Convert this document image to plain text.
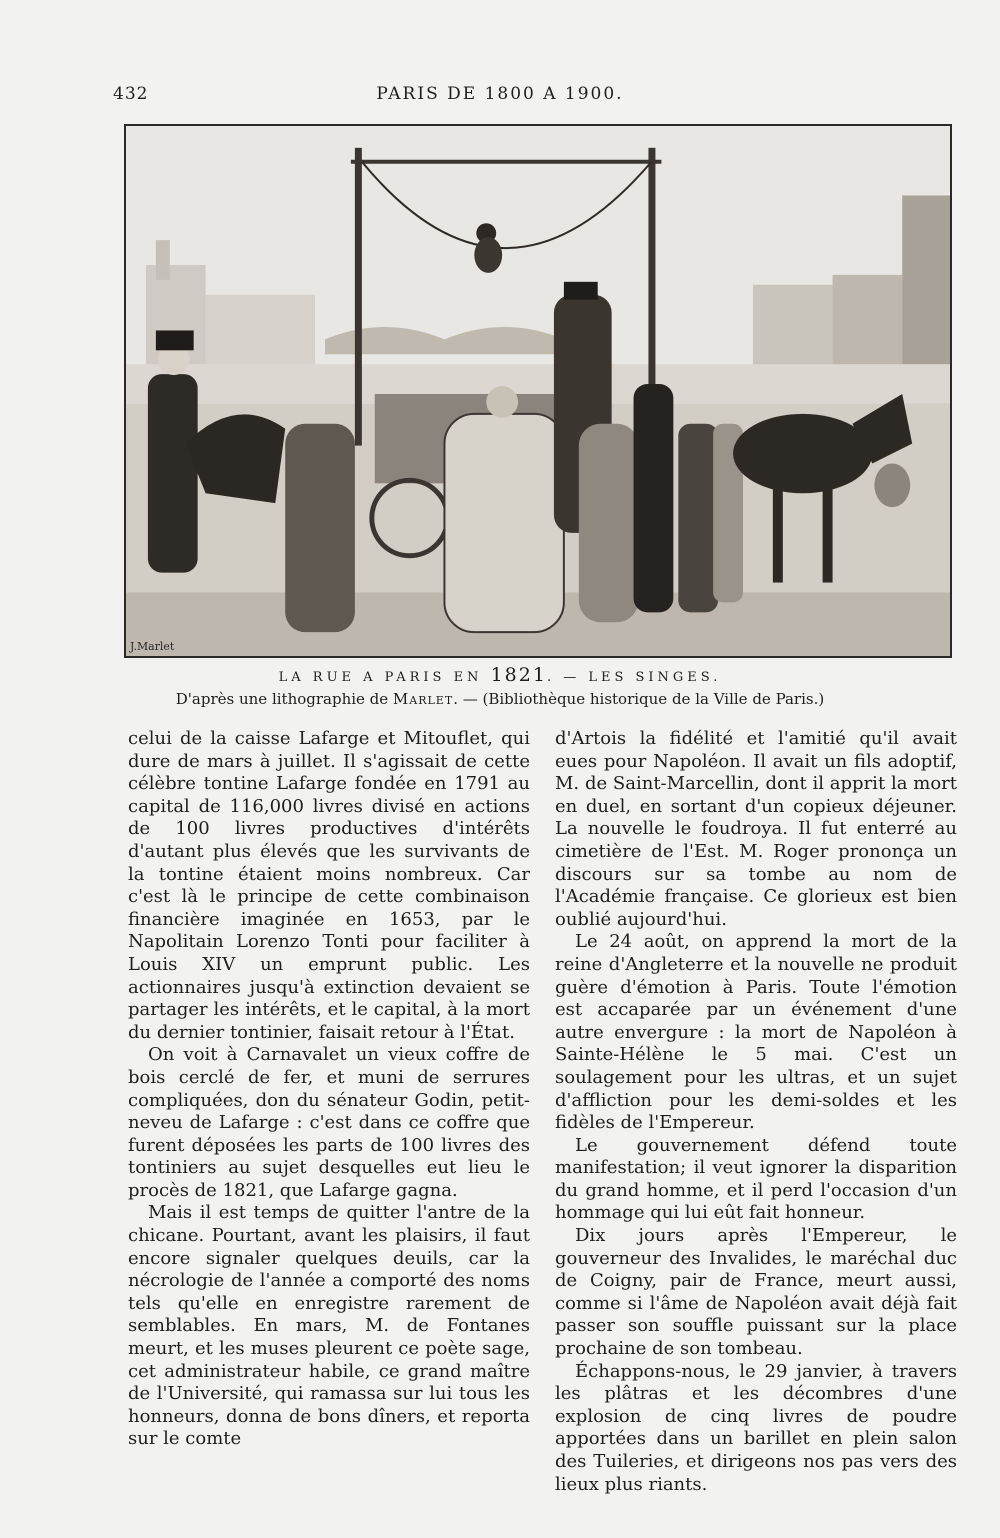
432	PARIS DE 1800 A 1900.
J.Marlet
LA RUE A PARIS EN 1821. — LES SINGES.
D'après une lithographie de Marlet. — (Bibliothèque historique de la Ville de Paris.)

celui de la caisse Lafarge et Mitouflet, qui dure de mars à juillet. Il s'agissait de cette célèbre tontine Lafarge fondée en 1791 au capital de 116,000 livres divisé en actions de 100 livres productives d'intérêts d'autant plus élevés que les survivants de la tontine étaient moins nombreux. Car c'est là le principe de cette combinaison financière imaginée en 1653, par le Napolitain Lorenzo Tonti pour faciliter à Louis XIV un emprunt public. Les actionnaires jusqu'à extinction devaient se partager les intérêts, et le capital, à la mort du dernier tontinier, faisait retour à l'État.

On voit à Carnavalet un vieux coffre de bois cerclé de fer, et muni de serrures compliquées, don du sénateur Godin, petit-neveu de Lafarge : c'est dans ce coffre que furent déposées les parts de 100 livres des tontiniers au sujet desquelles eut lieu le procès de 1821, que Lafarge gagna.

Mais il est temps de quitter l'antre de la chicane. Pourtant, avant les plaisirs, il faut encore signaler quelques deuils, car la nécrologie de l'année a comporté des noms tels qu'elle en enregistre rarement de semblables. En mars, M. de Fontanes meurt, et les muses pleurent ce poète sage, cet administrateur habile, ce grand maître de l'Université, qui ramassa sur lui tous les honneurs, donna de bons dîners, et reporta sur le comte

d'Artois la fidélité et l'amitié qu'il avait eues pour Napoléon. Il avait un fils adoptif, M. de Saint-Marcellin, dont il apprit la mort en duel, en sortant d'un copieux déjeuner. La nouvelle le foudroya. Il fut enterré au cimetière de l'Est. M. Roger prononça un discours sur sa tombe au nom de l'Académie française. Ce glorieux est bien oublié aujourd'hui.

Le 24 août, on apprend la mort de la reine d'Angleterre et la nouvelle ne produit guère d'émotion à Paris. Toute l'émotion est accaparée par un événement d'une autre envergure : la mort de Napoléon à Sainte-Hélène le 5 mai. C'est un soulagement pour les ultras, et un sujet d'affliction pour les demi-soldes et les fidèles de l'Empereur.

Le gouvernement défend toute manifestation; il veut ignorer la disparition du grand homme, et il perd l'occasion d'un hommage qui lui eût fait honneur.

Dix jours après l'Empereur, le gouverneur des Invalides, le maréchal duc de Coigny, pair de France, meurt aussi, comme si l'âme de Napoléon avait déjà fait passer son souffle puissant sur la place prochaine de son tombeau.

Échappons-nous, le 29 janvier, à travers les plâtras et les décombres d'une explosion de cinq livres de poudre apportées dans un barillet en plein salon des Tuileries, et dirigeons nos pas vers des lieux plus riants.
